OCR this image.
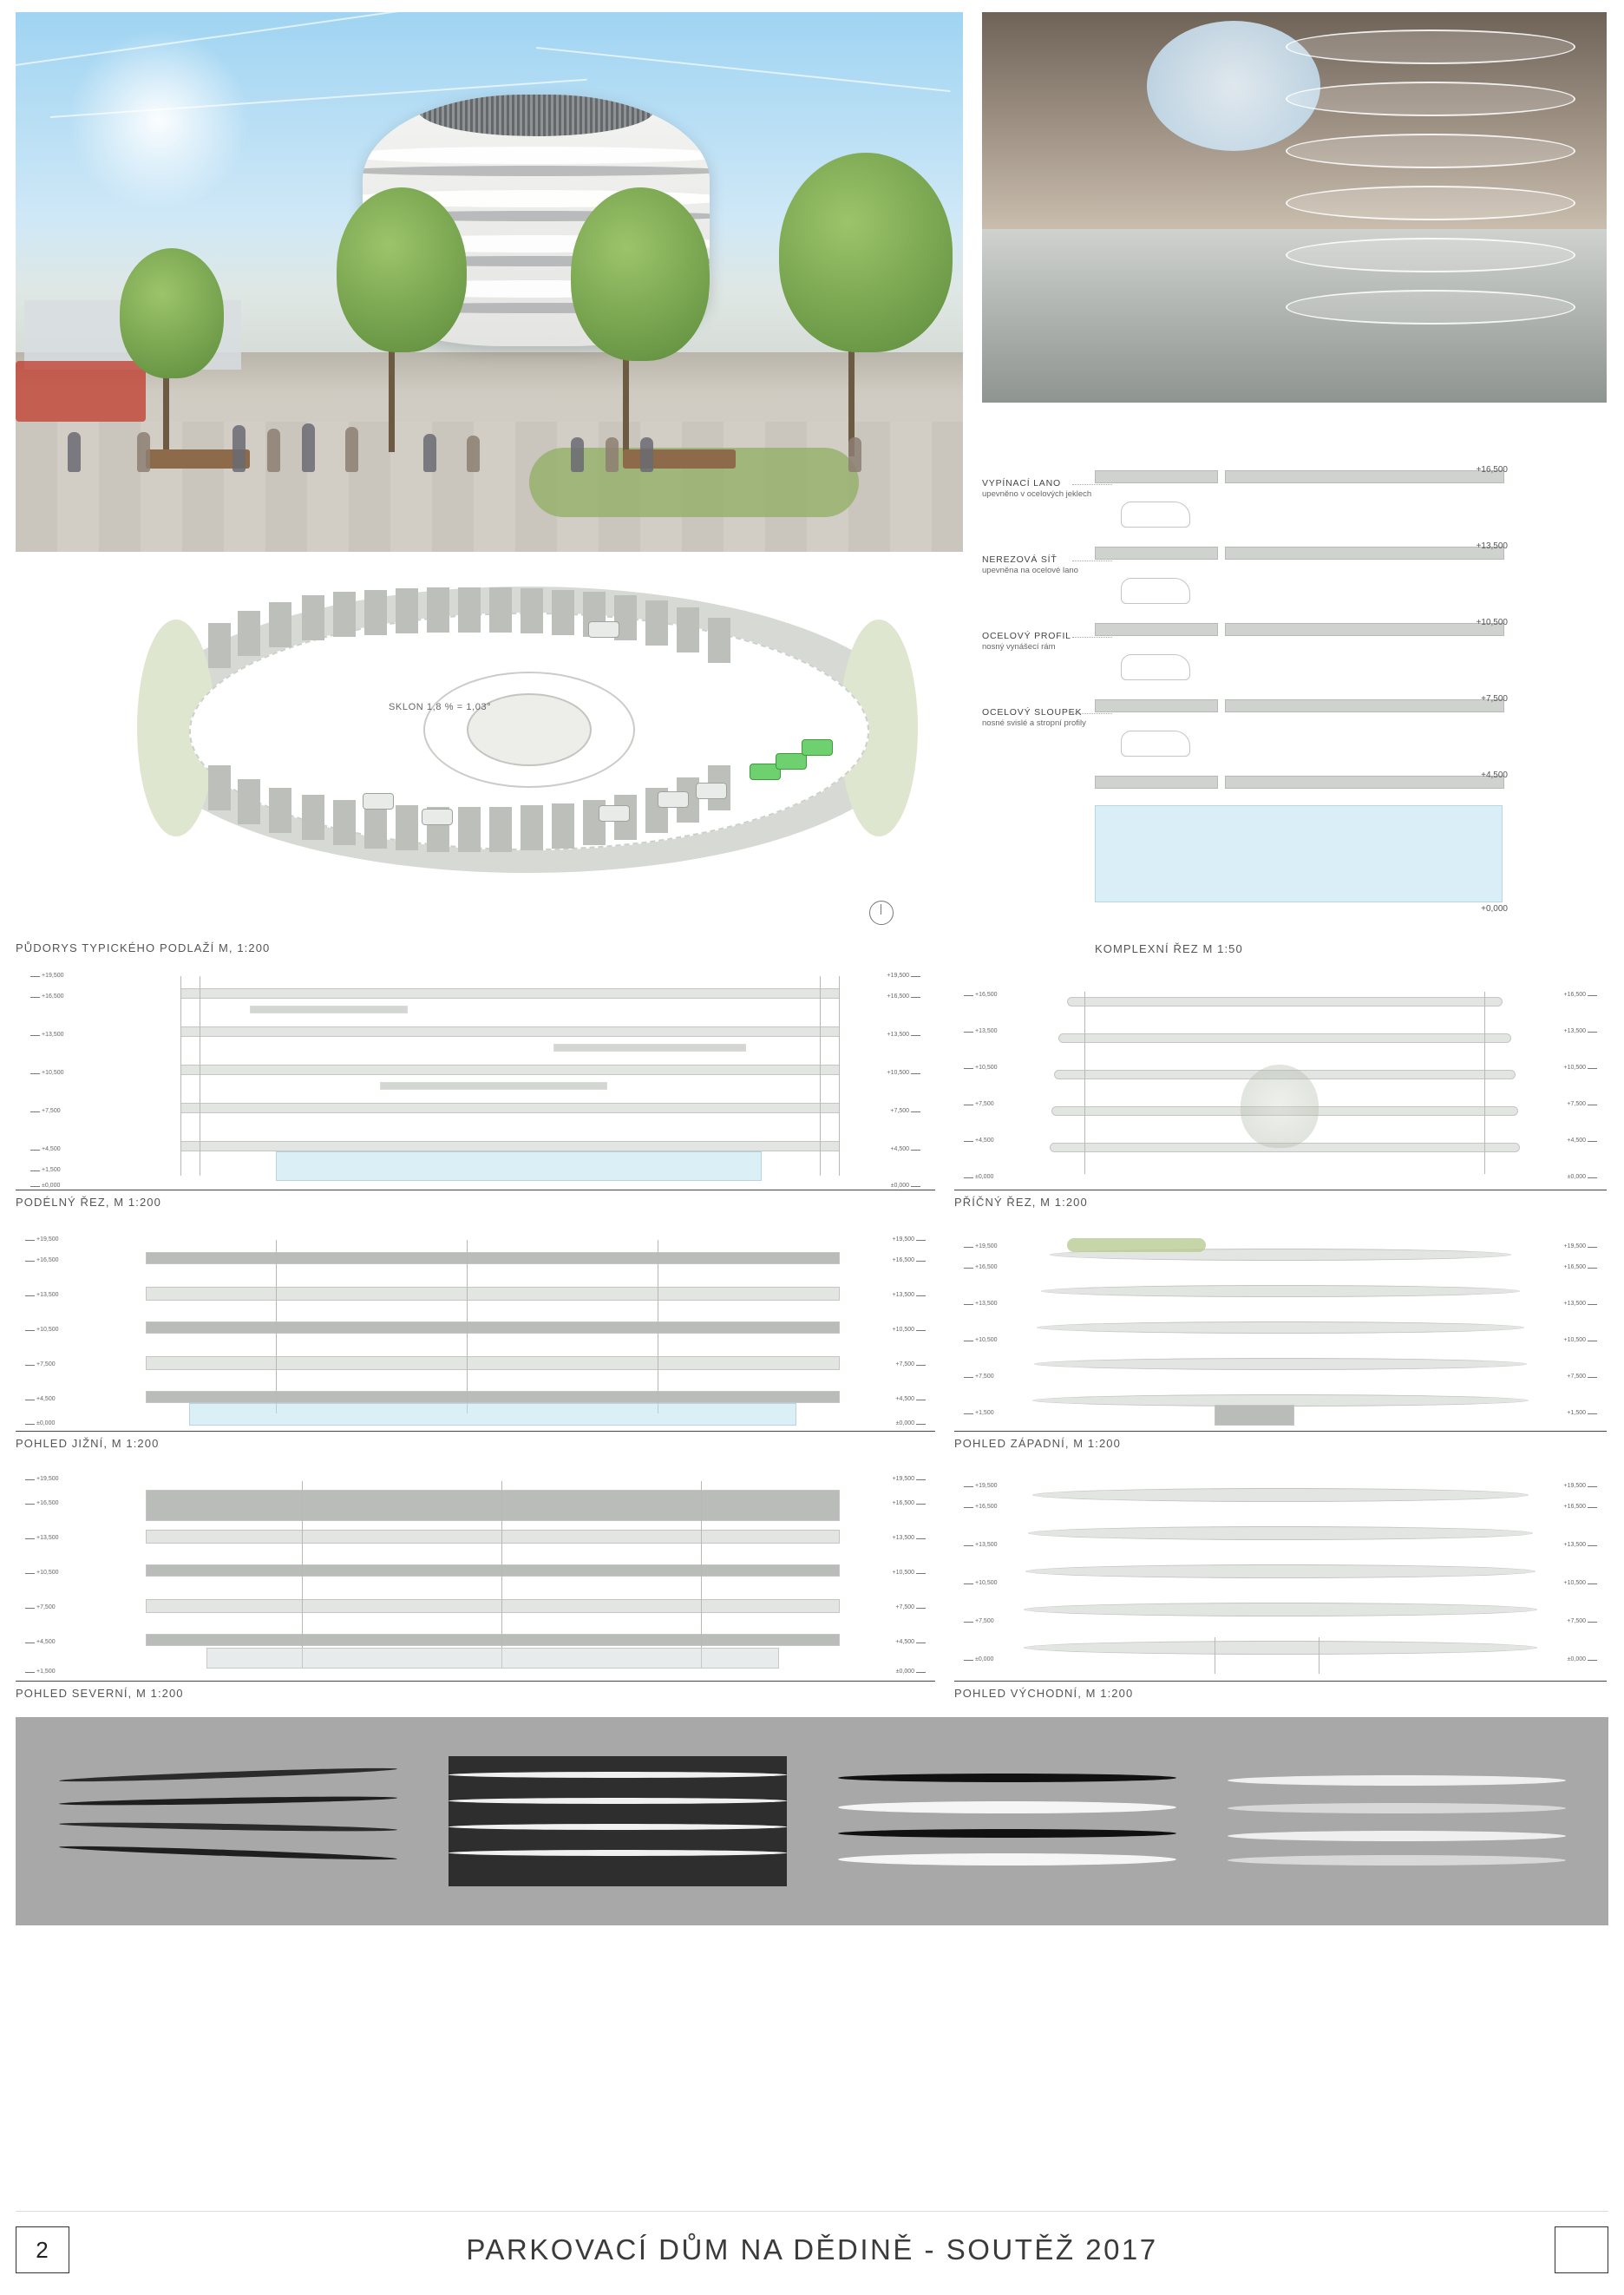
SKLON 1,8 % = 1,03°
PŮDORYS TYPICKÉHO PODLAŽÍ M, 1:200
+16,500
+13,500
+10,500
+7,500
+4,500
+0,000
VYPÍNACÍ LANO
upevněno v ocelových jeklech
NEREZOVÁ SÍŤ
upevněna na ocelové lano
OCELOVÝ PROFIL
nosný vynášecí rám
OCELOVÝ SLOUPEK
nosné svislé a stropní profily
KOMPLEXNÍ ŘEZ M 1:50
+19,500
+16,500
+13,500
+10,500
+7,500
+4,500
+1,500
±0,000
+19,500
+16,500
+13,500
+10,500
+7,500
+4,500
±0,000
PODÉLNÝ ŘEZ, M 1:200
+16,500
+13,500
+10,500
+7,500
+4,500
±0,000
+16,500
+13,500
+10,500
+7,500
+4,500
±0,000
PŘÍČNÝ ŘEZ, M 1:200
+19,500
+16,500
+13,500
+10,500
+7,500
+4,500
±0,000
+19,500
+16,500
+13,500
+10,500
+7,500
+4,500
±0,000
POHLED JIŽNÍ, M 1:200
+19,500
+16,500
+13,500
+10,500
+7,500
+1,500
+19,500
+16,500
+13,500
+10,500
+7,500
+1,500
POHLED ZÁPADNÍ, M 1:200
+19,500
+16,500
+13,500
+10,500
+7,500
+4,500
+1,500
+19,500
+16,500
+13,500
+10,500
+7,500
+4,500
±0,000
POHLED SEVERNÍ, M 1:200
+19,500
+16,500
+13,500
+10,500
+7,500
±0,000
+19,500
+16,500
+13,500
+10,500
+7,500
±0,000
POHLED VÝCHODNÍ, M 1:200
2	PARKOVACÍ DŮM NA DĚDINĚ - SOUTĚŽ 2017
